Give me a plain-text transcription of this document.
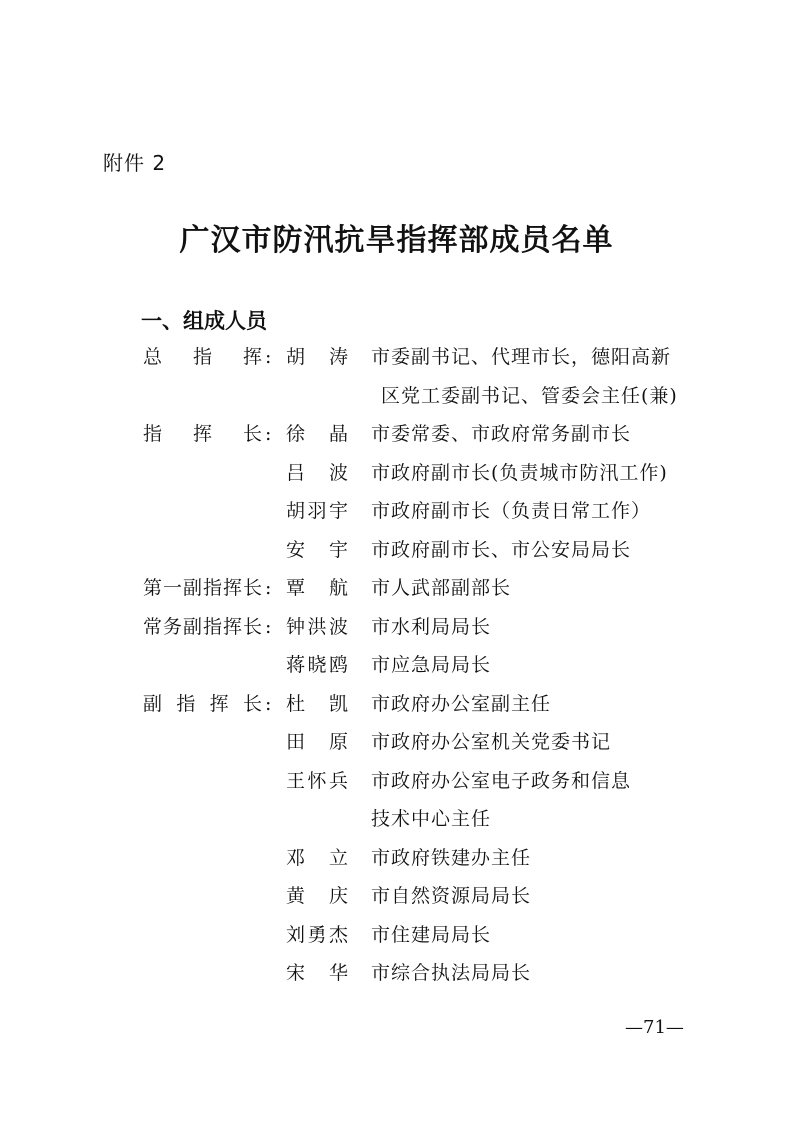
附件 2
广汉市防汛抗旱指挥部成员名单
一、组成人员
总　指　挥 : 胡　涛 市委副书记、代理市长，德阳高新
区党工委副书记、管委会主任(兼)
指　挥　长 : 徐　晶 市委常委、市政府常务副市长
吕　波 市政府副市长(负责城市防汛工作)
胡羽宇 市政府副市长（负责日常工作）
安　宇 市政府副市长、市公安局局长
第一副指挥长 : 覃　航 市人武部副部长
常务副指挥长 : 钟洪波 市水利局局长
蒋晓鸥 市应急局局长
副 指 挥 长 : 杜　凯 市政府办公室副主任
田　原 市政府办公室机关党委书记
王怀兵 市政府办公室电子政务和信息
技术中心主任
邓　立 市政府铁建办主任
黄　庆 市自然资源局局长
刘勇杰 市住建局局长
宋　华 市综合执法局局长
—71—
